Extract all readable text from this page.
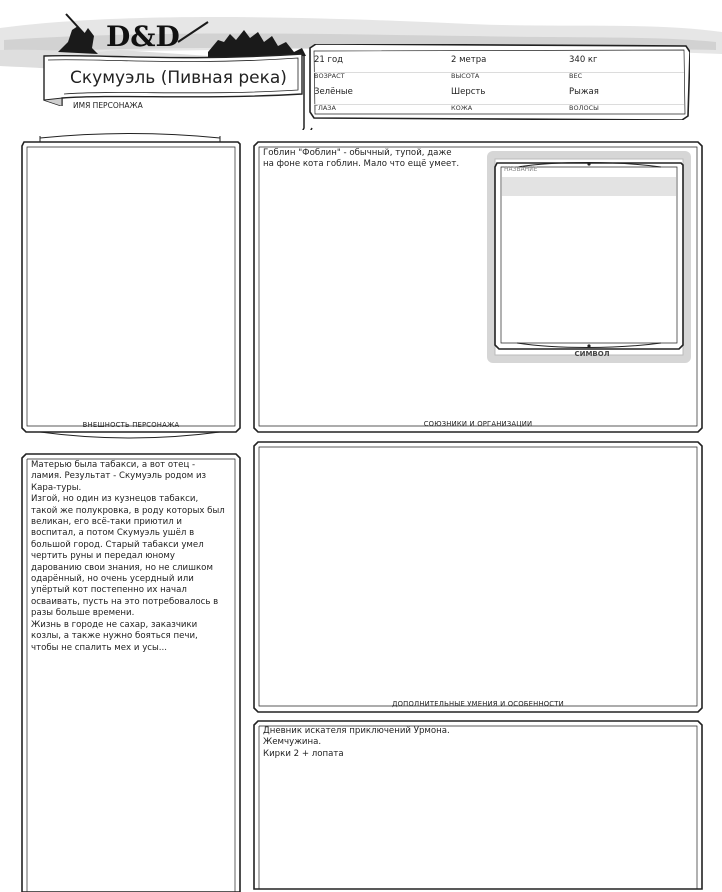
D&D
Скумуэль (Пивная река)
ИМЯ ПЕРСОНАЖА
21 год
ВОЗРАСТ
2 метра
ВЫСОТА
340 кг
ВЕС
Зелёные
ГЛАЗА
Шерсть
КОЖА
Рыжая
ВОЛОСЫ
ВНЕШНОСТЬ ПЕРСОНАЖА
Гоблин "Фоблин" - обычный, тупой, даже
на фоне кота гоблин. Мало что ещё умеет.
СОЮЗНИКИ И ОРГАНИЗАЦИИ
НАЗВАНИЕ
СИМВОЛ
Матерью была табакси, а вот отец -
ламия. Результат - Скумуэль родом из
Кара-туры.
Изгой, но один из кузнецов табакси,
такой же полукровка, в роду которых был
великан, его всё-таки приютил и
воспитал, а потом Скумуэль ушёл в
большой город. Старый табакси умел
чертить руны и передал юному
дарованию свои знания, но не слишком
одарённый, но очень усердный или
упёртый кот постепенно их начал
осваивать, пусть на это потребовалось в
разы больше времени.
Жизнь в городе не сахар, заказчики
козлы, а также нужно бояться печи,
чтобы не спалить мех и усы...
ДОПОЛНИТЕЛЬНЫЕ УМЕНИЯ И ОСОБЕННОСТИ
Дневник искателя приключений Урмона.
Жемчужина.
Кирки 2 + лопата
